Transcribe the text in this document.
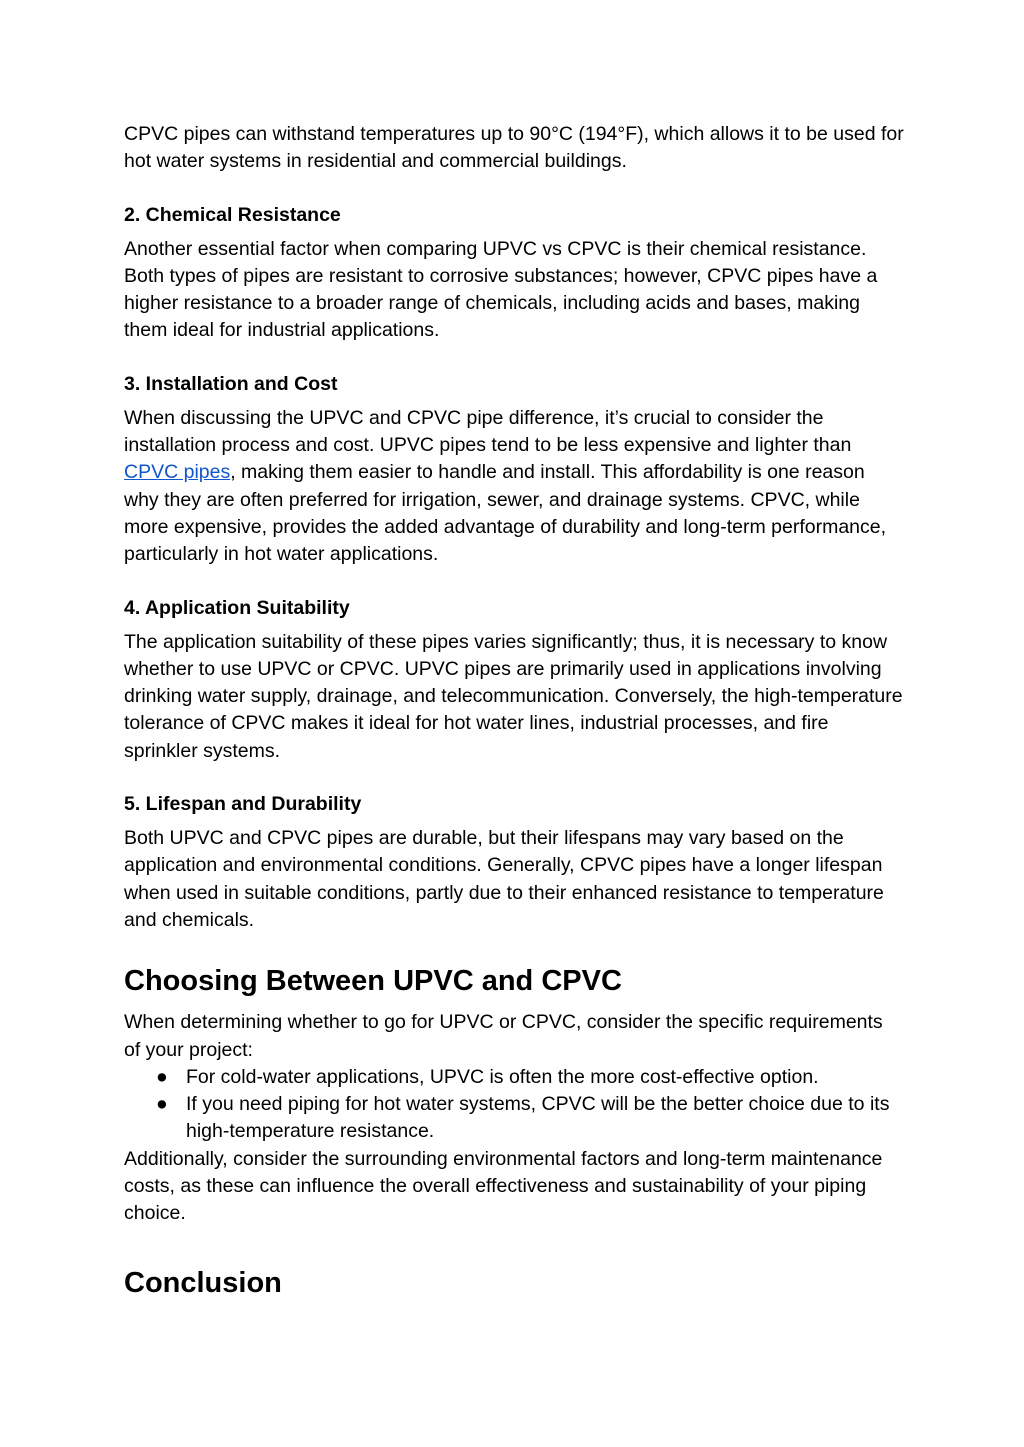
CPVC pipes can withstand temperatures up to 90°C (194°F), which allows it to be used for hot water systems in residential and commercial buildings.

2. Chemical Resistance

Another essential factor when comparing UPVC vs CPVC is their chemical resistance. Both types of pipes are resistant to corrosive substances; however, CPVC pipes have a higher resistance to a broader range of chemicals, including acids and bases, making them ideal for industrial applications.

3. Installation and Cost

When discussing the UPVC and CPVC pipe difference, it’s crucial to consider the installation process and cost. UPVC pipes tend to be less expensive and lighter than CPVC pipes, making them easier to handle and install. This affordability is one reason why they are often preferred for irrigation, sewer, and drainage systems. CPVC, while more expensive, provides the added advantage of durability and long-term performance, particularly in hot water applications.

4. Application Suitability

The application suitability of these pipes varies significantly; thus, it is necessary to know whether to use UPVC or CPVC. UPVC pipes are primarily used in applications involving drinking water supply, drainage, and telecommunication. Conversely, the high-temperature tolerance of CPVC makes it ideal for hot water lines, industrial processes, and fire sprinkler systems.

5. Lifespan and Durability

Both UPVC and CPVC pipes are durable, but their lifespans may vary based on the application and environmental conditions. Generally, CPVC pipes have a longer lifespan when used in suitable conditions, partly due to their enhanced resistance to temperature and chemicals.

Choosing Between UPVC and CPVC

When determining whether to go for UPVC or CPVC, consider the specific requirements of your project:

● For cold-water applications, UPVC is often the more cost-effective option.
● If you need piping for hot water systems, CPVC will be the better choice due to its high-temperature resistance.

Additionally, consider the surrounding environmental factors and long-term maintenance costs, as these can influence the overall effectiveness and sustainability of your piping choice.

Conclusion
